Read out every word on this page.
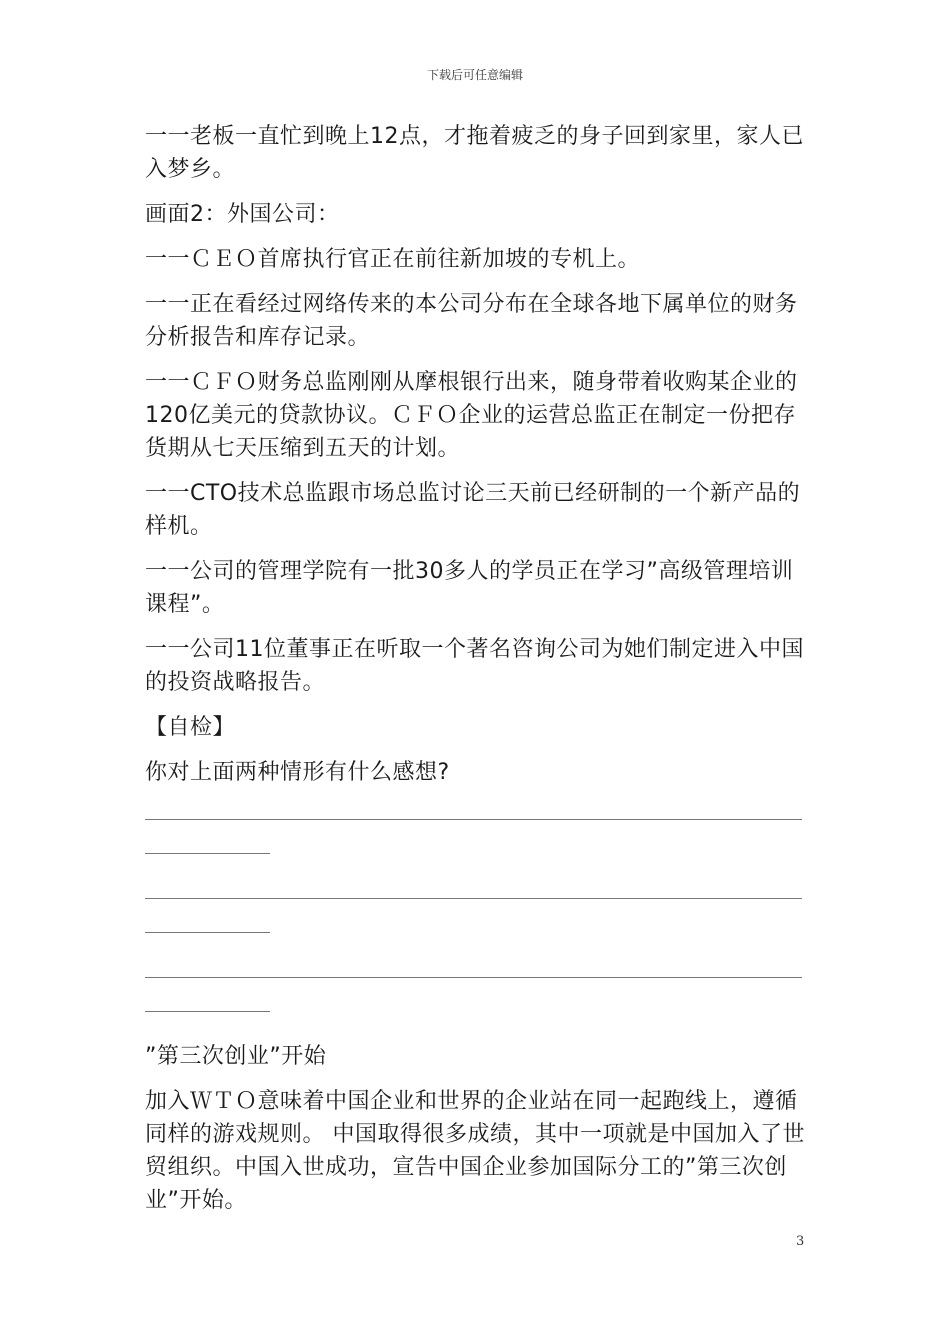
下载后可任意编辑

一一老板一直忙到晚上12点，才拖着疲乏的身子回到家里，家人已入梦乡。

画面2：外国公司：

一一ＣＥＯ首席执行官正在前往新加坡的专机上。

一一正在看经过网络传来的本公司分布在全球各地下属单位的财务分析报告和库存记录。

一一ＣＦＯ财务总监刚刚从摩根银行出来，随身带着收购某企业的120亿美元的贷款协议。ＣＦＯ企业的运营总监正在制定一份把存货期从七天压缩到五天的计划。

一一CTO技术总监跟市场总监讨论三天前已经研制的一个新产品的样机。

一一公司的管理学院有一批30多人的学员正在学习”高级管理培训课程”。

一一公司11位董事正在听取一个著名咨询公司为她们制定进入中国的投资战略报告。

【自检】

你对上面两种情形有什么感想?

”第三次创业”开始

加入ＷＴＯ意味着中国企业和世界的企业站在同一起跑线上，遵循同样的游戏规则。 中国取得很多成绩，其中一项就是中国加入了世贸组织。中国入世成功，宣告中国企业参加国际分工的”第三次创业”开始。

3
